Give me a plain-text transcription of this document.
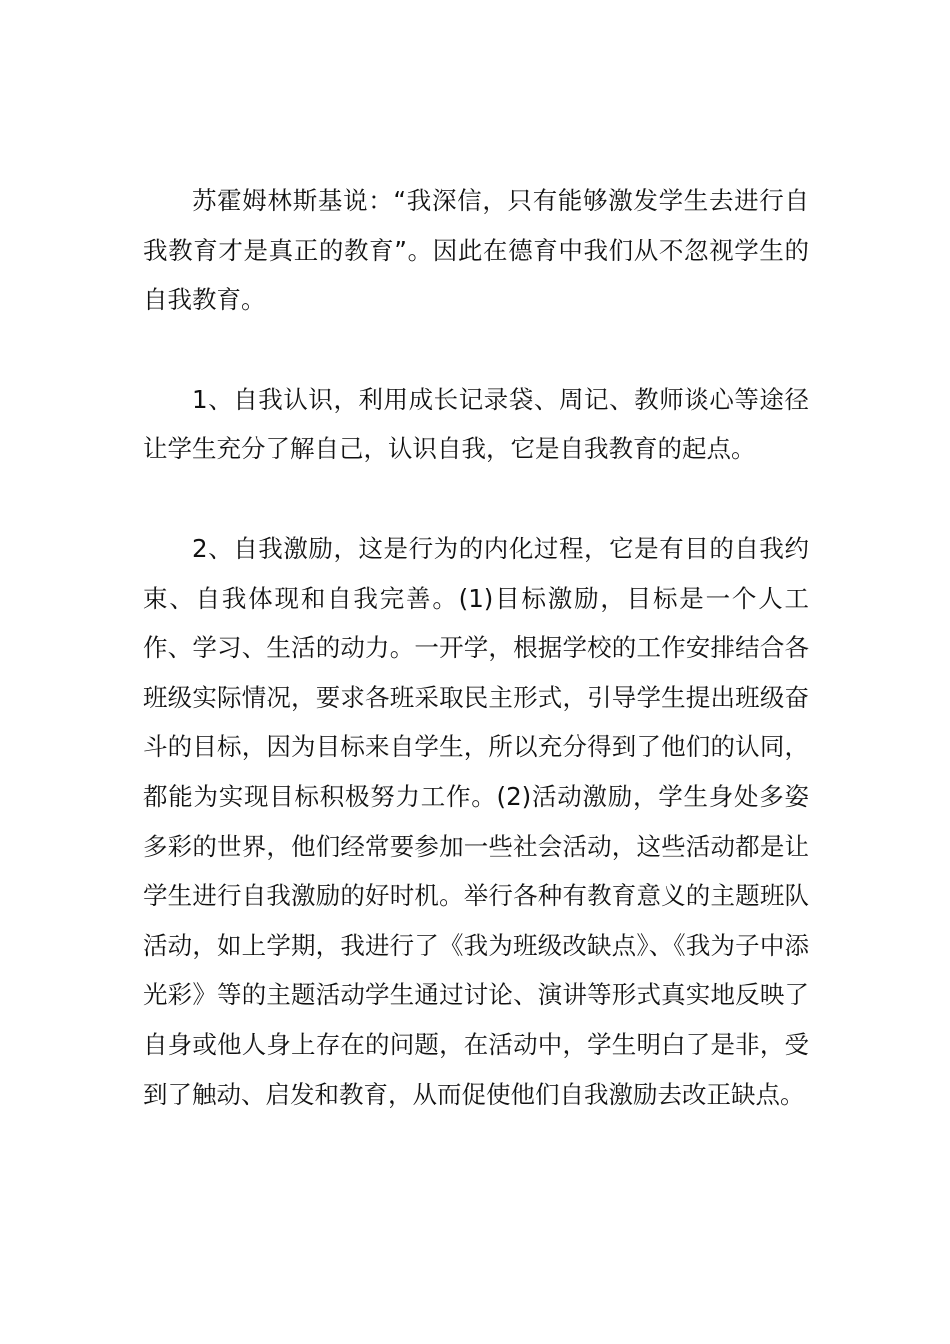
苏霍姆林斯基说：“我深信，只有能够激发学生去进行自我教育才是真正的教育”。因此在德育中我们从不忽视学生的自我教育。

1、自我认识，利用成长记录袋、周记、教师谈心等途径让学生充分了解自己，认识自我，它是自我教育的起点。

2、自我激励，这是行为的内化过程，它是有目的自我约束、自我体现和自我完善。(1)目标激励，目标是一个人工作、学习、生活的动力。一开学，根据学校的工作安排结合各班级实际情况，要求各班采取民主形式，引导学生提出班级奋斗的目标，因为目标来自学生，所以充分得到了他们的认同，都能为实现目标积极努力工作。(2)活动激励，学生身处多姿多彩的世界，他们经常要参加一些社会活动，这些活动都是让学生进行自我激励的好时机。举行各种有教育意义的主题班队活动，如上学期，我进行了《我为班级改缺点》、《我为子中添光彩》等的主题活动学生通过讨论、演讲等形式真实地反映了自身或他人身上存在的问题，在活动中，学生明白了是非，受到了触动、启发和教育，从而促使他们自我激励去改正缺点。
